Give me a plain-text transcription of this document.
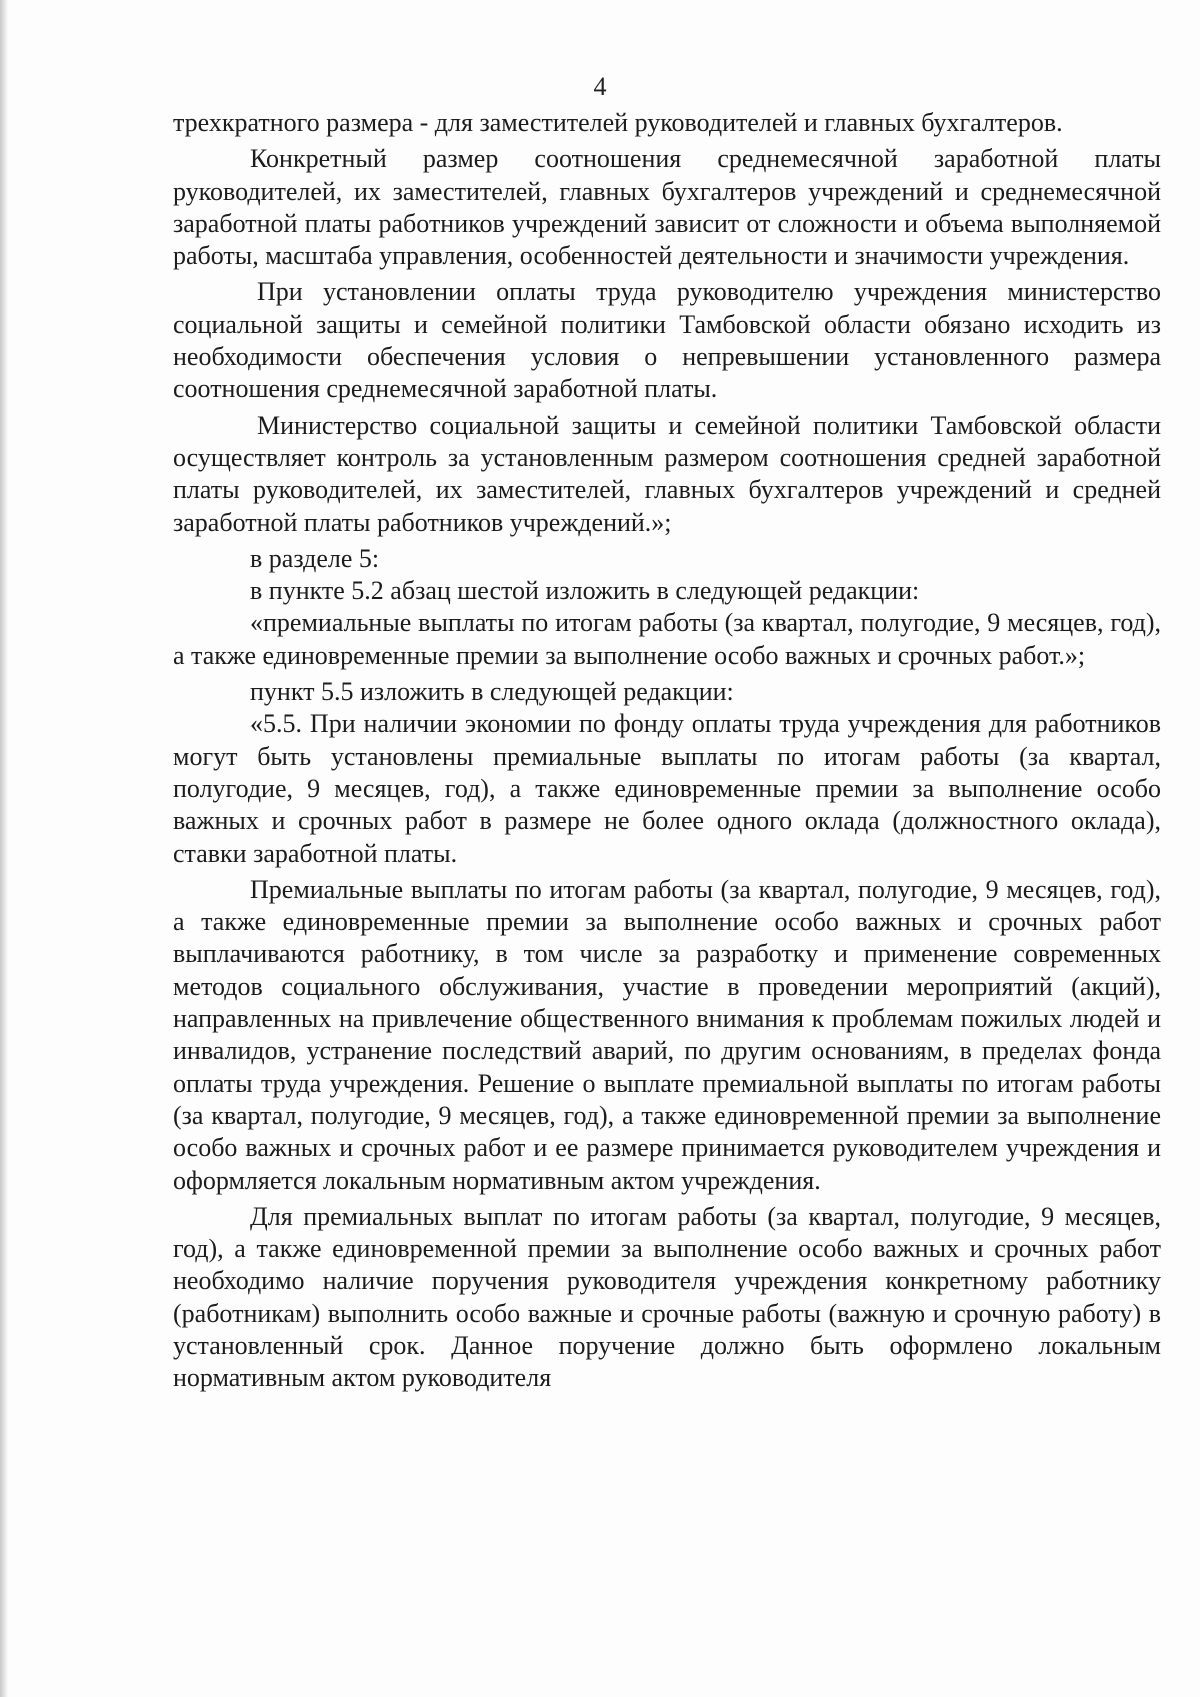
4

трехкратного размера - для заместителей руководителей и главных бухгалтеров.

Конкретный размер соотношения среднемесячной заработной платы руководителей, их заместителей, главных бухгалтеров учреждений и среднемесячной заработной платы работников учреждений зависит от сложности и объема выполняемой работы, масштаба управления, особенностей деятельности и значимости учреждения.

При установлении оплаты труда руководителю учреждения министерство социальной защиты и семейной политики Тамбовской области обязано исходить из необходимости обеспечения условия о непревышении установленного размера соотношения среднемесячной заработной платы.

Министерство социальной защиты и семейной политики Тамбовской области осуществляет контроль за установленным размером соотношения средней заработной платы руководителей, их заместителей, главных бухгалтеров учреждений и средней заработной платы работников учреждений.»;

в разделе 5:

в пункте 5.2 абзац шестой изложить в следующей редакции:

«премиальные выплаты по итогам работы (за квартал, полугодие, 9 месяцев, год), а также единовременные премии за выполнение особо важных и срочных работ.»;

пункт 5.5 изложить в следующей редакции:

«5.5. При наличии экономии по фонду оплаты труда учреждения для работников могут быть установлены премиальные выплаты по итогам работы (за квартал, полугодие, 9 месяцев, год), а также единовременные премии за выполнение особо важных и срочных работ в размере не более одного оклада (должностного оклада), ставки заработной платы.

Премиальные выплаты по итогам работы (за квартал, полугодие, 9 месяцев, год), а также единовременные премии за выполнение особо важных и срочных работ выплачиваются работнику, в том числе за разработку и применение современных методов социального обслуживания, участие в проведении мероприятий (акций), направленных на привлечение общественного внимания к проблемам пожилых людей и инвалидов, устранение последствий аварий, по другим основаниям, в пределах фонда оплаты труда учреждения. Решение о выплате премиальной выплаты по итогам работы (за квартал, полугодие, 9 месяцев, год), а также единовременной премии за выполнение особо важных и срочных работ и ее размере принимается руководителем учреждения и оформляется локальным нормативным актом учреждения.

Для премиальных выплат по итогам работы (за квартал, полугодие, 9 месяцев, год), а также единовременной премии за выполнение особо важных и срочных работ необходимо наличие поручения руководителя учреждения конкретному работнику (работникам) выполнить особо важные и срочные работы (важную и срочную работу) в установленный срок. Данное поручение должно быть оформлено локальным нормативным актом руководителя
